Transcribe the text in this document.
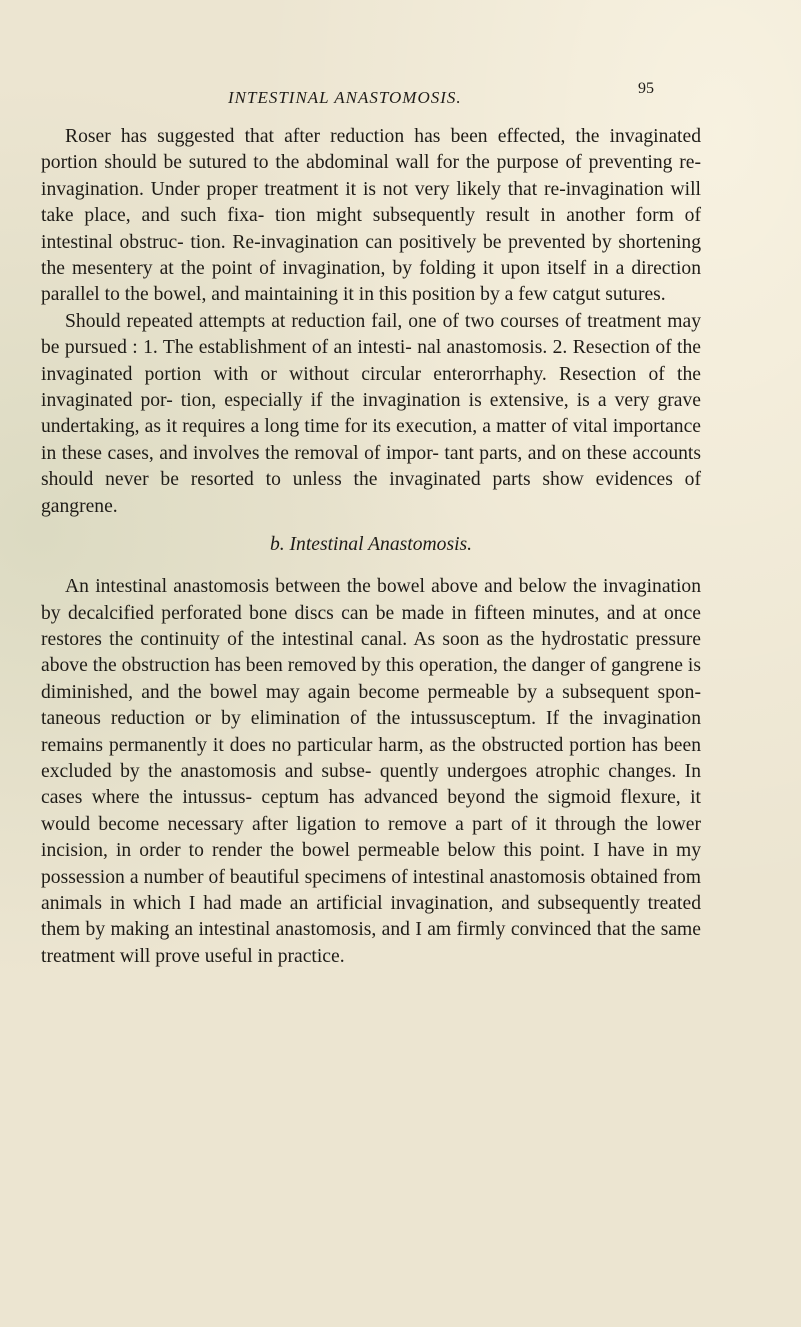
INTESTINAL ANASTOMOSIS.	95

Roser has suggested that after reduction has been effected, the invaginated portion should be sutured to the abdominal wall for the purpose of preventing re-invagination. Under proper treatment it is not very likely that re-invagination will take place, and such fixa- tion might subsequently result in another form of intestinal obstruc- tion. Re-invagination can positively be prevented by shortening the mesentery at the point of invagination, by folding it upon itself in a direction parallel to the bowel, and maintaining it in this position by a few catgut sutures.

Should repeated attempts at reduction fail, one of two courses of treatment may be pursued : 1. The establishment of an intesti- nal anastomosis. 2. Resection of the invaginated portion with or without circular enterorrhaphy. Resection of the invaginated por- tion, especially if the invagination is extensive, is a very grave undertaking, as it requires a long time for its execution, a matter of vital importance in these cases, and involves the removal of impor- tant parts, and on these accounts should never be resorted to unless the invaginated parts show evidences of gangrene.

b. Intestinal Anastomosis.

An intestinal anastomosis between the bowel above and below the invagination by decalcified perforated bone discs can be made in fifteen minutes, and at once restores the continuity of the intestinal canal. As soon as the hydrostatic pressure above the obstruction has been removed by this operation, the danger of gangrene is diminished, and the bowel may again become permeable by a subsequent spon- taneous reduction or by elimination of the intussusceptum. If the invagination remains permanently it does no particular harm, as the obstructed portion has been excluded by the anastomosis and subse- quently undergoes atrophic changes. In cases where the intussus- ceptum has advanced beyond the sigmoid flexure, it would become necessary after ligation to remove a part of it through the lower incision, in order to render the bowel permeable below this point. I have in my possession a number of beautiful specimens of intestinal anastomosis obtained from animals in which I had made an artificial invagination, and subsequently treated them by making an intestinal anastomosis, and I am firmly convinced that the same treatment will prove useful in practice.
